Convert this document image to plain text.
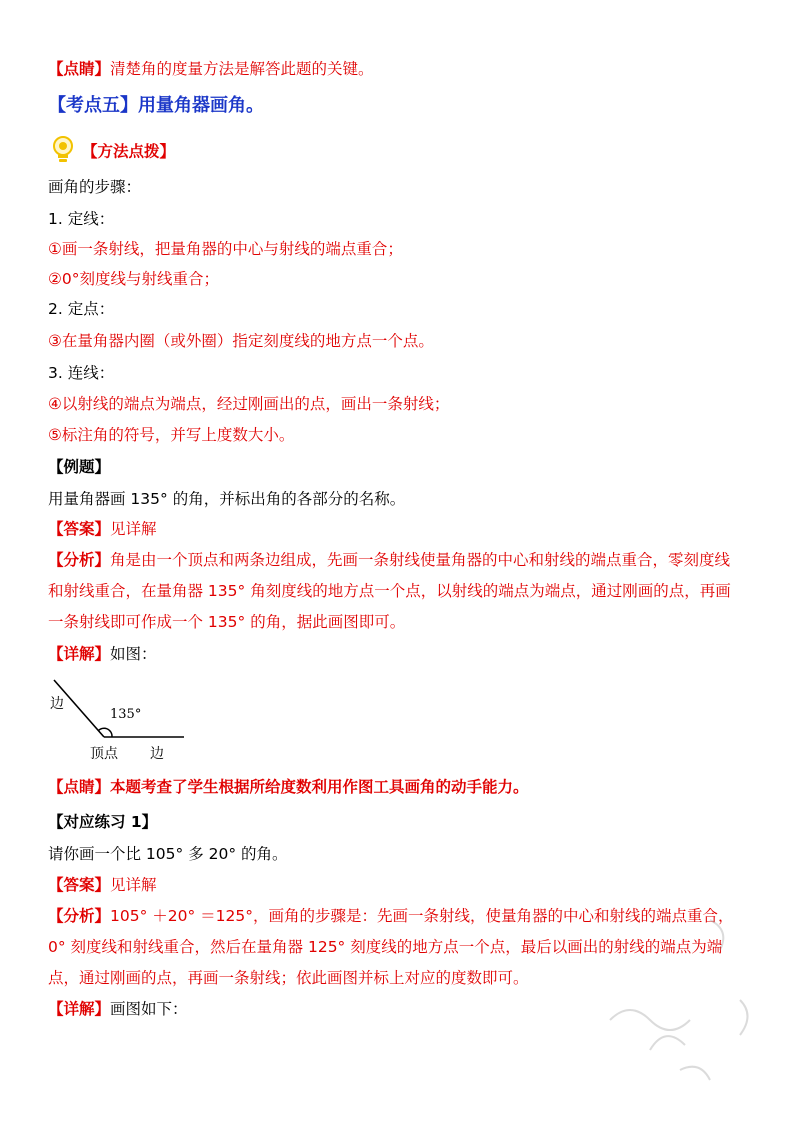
【点睛】清楚角的度量方法是解答此题的关键。
【考点五】用量角器画角。
【方法点拨】
画角的步骤：
1. 定线：
①画一条射线，把量角器的中心与射线的端点重合；
②0°刻度线与射线重合；
2. 定点：
③在量角器内圈（或外圈）指定刻度线的地方点一个点。
3. 连线：
④以射线的端点为端点，经过刚画出的点，画出一条射线；
⑤标注角的符号，并写上度数大小。
【例题】
用量角器画 135° 的角，并标出角的各部分的名称。
【答案】见详解
【分析】角是由一个顶点和两条边组成，先画一条射线使量角器的中心和射线的端点重合，零刻度线
和射线重合，在量角器 135° 角刻度线的地方点一个点，以射线的端点为端点，通过刚画的点，再画
一条射线即可作成一个 135° 的角，据此画图即可。
【详解】如图：
边
135°
顶点 边
【点睛】本题考查了学生根据所给度数利用作图工具画角的动手能力。
【对应练习 1】
请你画一个比 105° 多 20° 的角。
【答案】见详解
【分析】105° ＋20° ＝125°，画角的步骤是：先画一条射线，使量角器的中心和射线的端点重合，
0° 刻度线和射线重合，然后在量角器 125° 刻度线的地方点一个点，最后以画出的射线的端点为端
点，通过刚画的点，再画一条射线；依此画图并标上对应的度数即可。
【详解】画图如下：
